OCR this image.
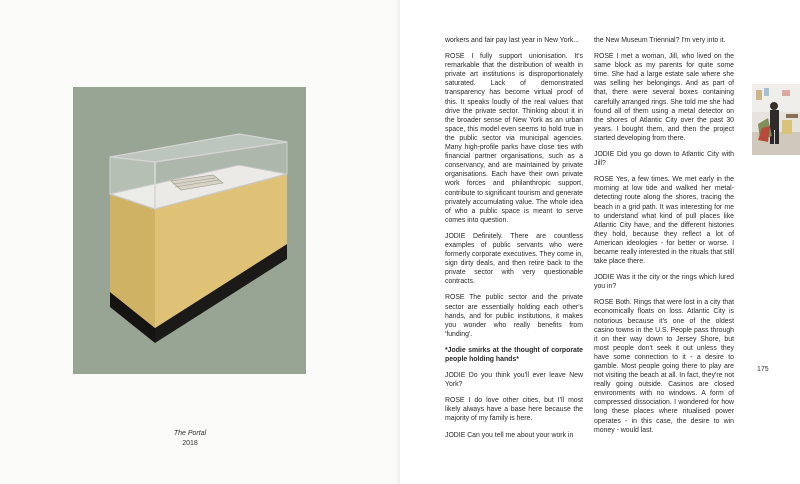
The Portal
2018

workers and fair pay last year in New York...

ROSE I fully support unionisation. It's remarkable that the distribution of wealth in private art institutions is disproportionately saturated. Lack of demonstrated transparency has become virtual proof of this. It speaks loudly of the real values that drive the private sector. Thinking about it in the broader sense of New York as an urban space, this model even seems to hold true in the public sector via municipal agencies. Many high-profile parks have close ties with financial partner organisations, such as a conservancy, and are maintained by private organisations. Each have their own private work forces and philanthropic support, contribute to significant tourism and generate privately accumulating value. The whole idea of who a public space is meant to serve comes into question.

JODIE Definitely. There are countless examples of public servants who were formerly corporate executives. They come in, sign dirty deals, and then retire back to the private sector with very questionable contracts.

ROSE The public sector and the private sector are essentially holding each other's hands, and for public institutions, it makes you wonder who really benefits from 'funding'.

*Jodie smirks at the thought of corporate people holding hands*

JODIE Do you think you'll ever leave New York?

ROSE I do love other cities, but I'll most likely always have a base here because the majority of my family is here.

JODIE Can you tell me about your work in

the New Museum Triennial? I'm very into it.

ROSE I met a woman, Jill, who lived on the same block as my parents for quite some time. She had a large estate sale where she was selling her belongings. And as part of that, there were several boxes containing carefully arranged rings. She told me she had found all of them using a metal detector on the shores of Atlantic City over the past 30 years. I bought them, and then the project started developing from there.

JODIE Did you go down to Atlantic City with Jill?

ROSE Yes, a few times. We met early in the morning at low tide and walked her metal-detecting route along the shores, tracing the beach in a grid path. It was interesting for me to understand what kind of pull places like Atlantic City have, and the different histories they hold, because they reflect a lot of American ideologies - for better or worse. I became really interested in the rituals that still take place there.

JODIE Was it the city or the rings which lured you in?

ROSE Both. Rings that were lost in a city that economically floats on loss. Atlantic City is notorious because it's one of the oldest casino towns in the U.S. People pass through it on their way down to Jersey Shore, but most people don't seek it out unless they have some connection to it - a desire to gamble. Most people going there to play are not visiting the beach at all. In fact, they're not really going outside. Casinos are closed environments with no windows. A form of compressed dissociation. I wondered for how long these places where ritualised power operates - in this case, the desire to win money - would last.

175
